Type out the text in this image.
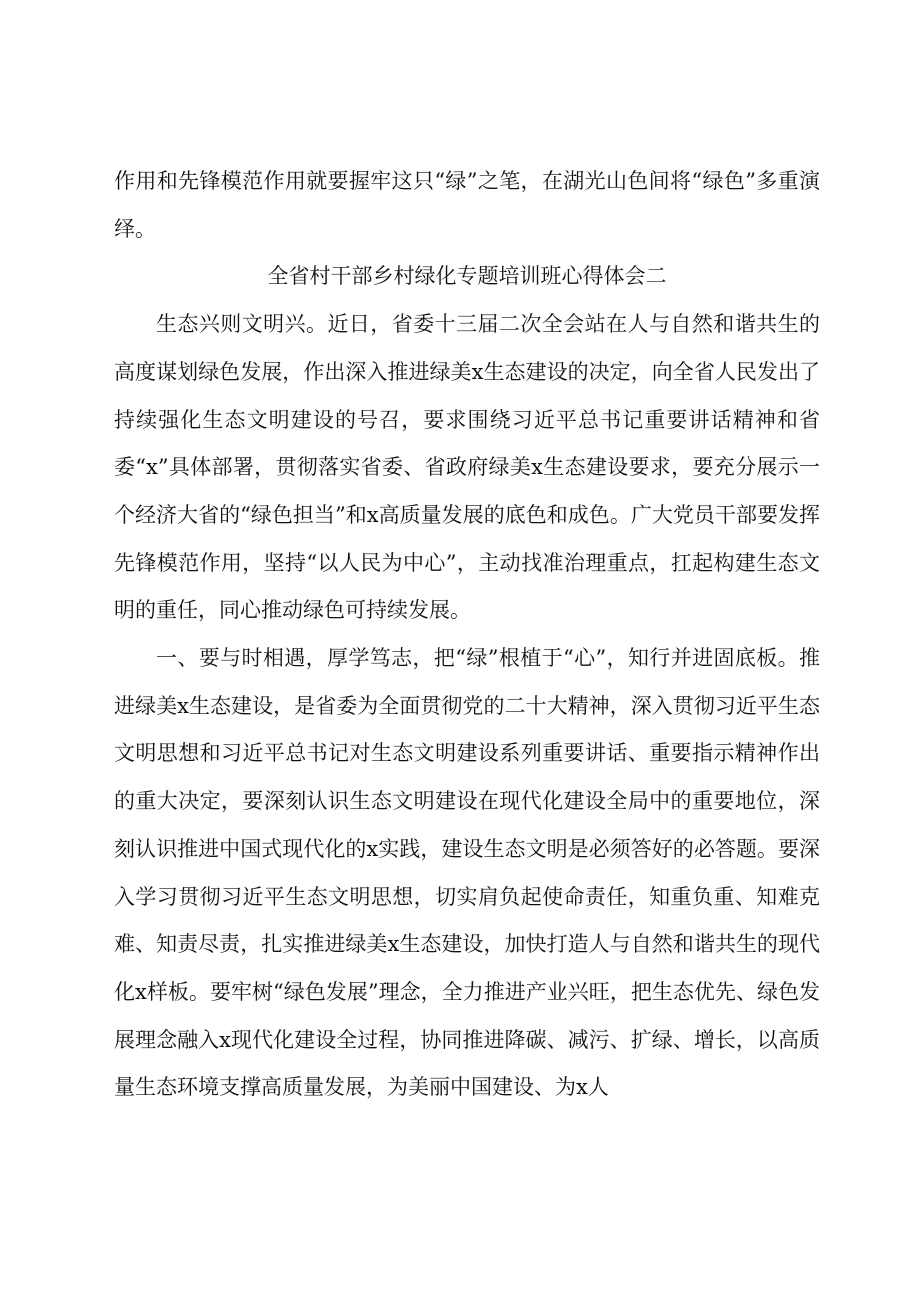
作用和先锋模范作用就要握牢这只“绿”之笔，在湖光山色间将“绿色”多重演绎。

全省村干部乡村绿化专题培训班心得体会二

生态兴则文明兴。近日，省委十三届二次全会站在人与自然和谐共生的高度谋划绿色发展，作出深入推进绿美x生态建设的决定，向全省人民发出了持续强化生态文明建设的号召，要求围绕习近平总书记重要讲话精神和省委“x”具体部署，贯彻落实省委、省政府绿美x生态建设要求，要充分展示一个经济大省的“绿色担当”和x高质量发展的底色和成色。广大党员干部要发挥先锋模范作用，坚持“以人民为中心”，主动找准治理重点，扛起构建生态文明的重任，同心推动绿色可持续发展。

一、要与时相遇，厚学笃志，把“绿”根植于“心”，知行并进固底板。推进绿美x生态建设，是省委为全面贯彻党的二十大精神，深入贯彻习近平生态文明思想和习近平总书记对生态文明建设系列重要讲话、重要指示精神作出的重大决定，要深刻认识生态文明建设在现代化建设全局中的重要地位，深刻认识推进中国式现代化的x实践，建设生态文明是必须答好的必答题。要深入学习贯彻习近平生态文明思想，切实肩负起使命责任，知重负重、知难克难、知责尽责，扎实推进绿美x生态建设，加快打造人与自然和谐共生的现代化x样板。要牢树“绿色发展”理念，全力推进产业兴旺，把生态优先、绿色发展理念融入x现代化建设全过程，协同推进降碳、减污、扩绿、增长，以高质量生态环境支撑高质量发展，为美丽中国建设、为x人
